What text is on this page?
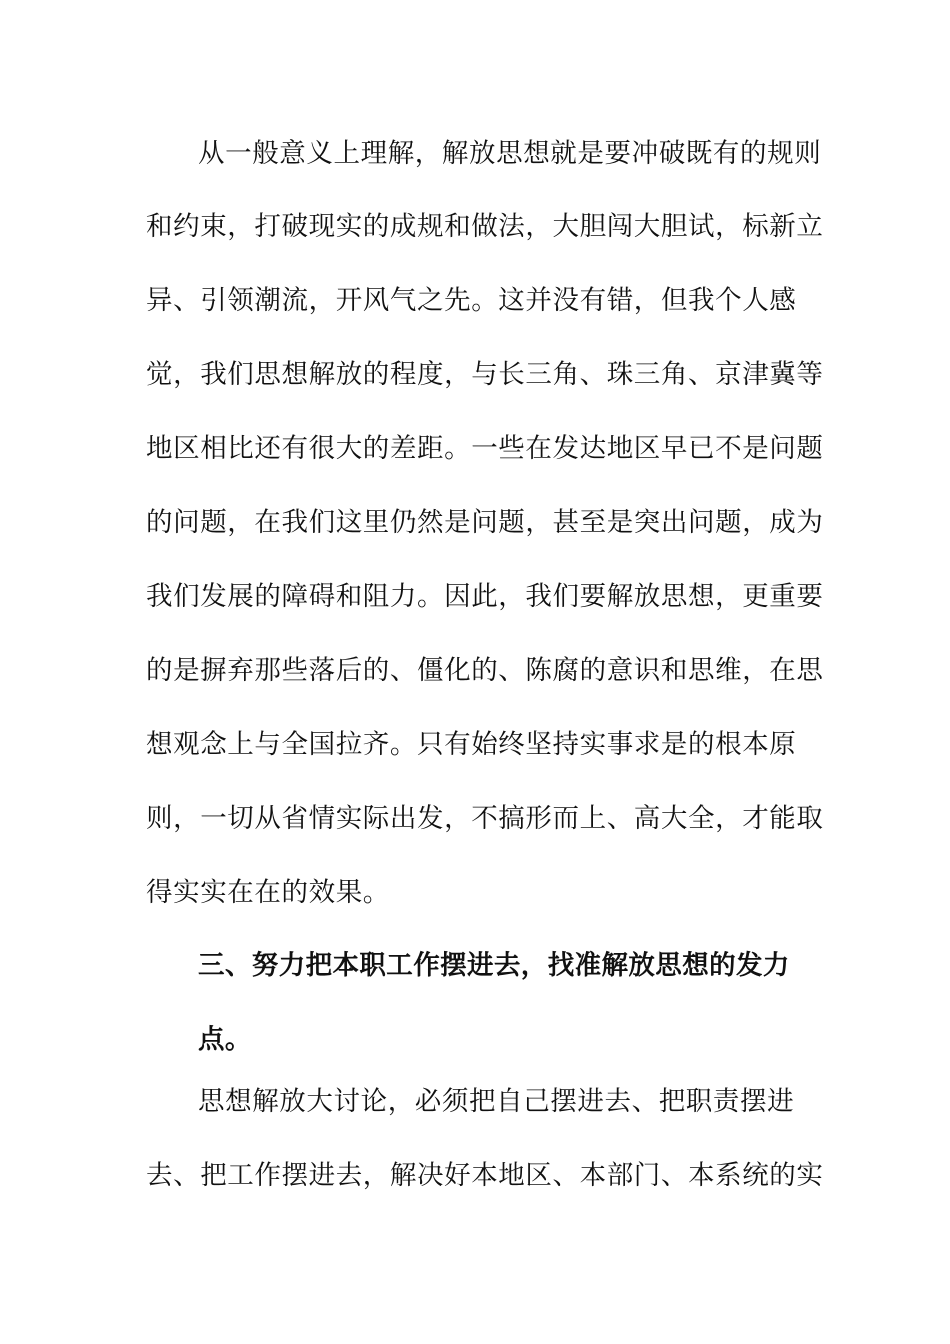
从一般意义上理解，解放思想就是要冲破既有的规则
和约束，打破现实的成规和做法，大胆闯大胆试，标新立
异、引领潮流，开风气之先。这并没有错，但我个人感
觉，我们思想解放的程度，与长三角、珠三角、京津冀等
地区相比还有很大的差距。一些在发达地区早已不是问题
的问题，在我们这里仍然是问题，甚至是突出问题，成为
我们发展的障碍和阻力。因此，我们要解放思想，更重要
的是摒弃那些落后的、僵化的、陈腐的意识和思维，在思
想观念上与全国拉齐。只有始终坚持实事求是的根本原
则，一切从省情实际出发，不搞形而上、高大全，才能取
得实实在在的效果。
三、努力把本职工作摆进去，找准解放思想的发力
点。
思想解放大讨论，必须把自己摆进去、把职责摆进
去、把工作摆进去，解决好本地区、本部门、本系统的实
